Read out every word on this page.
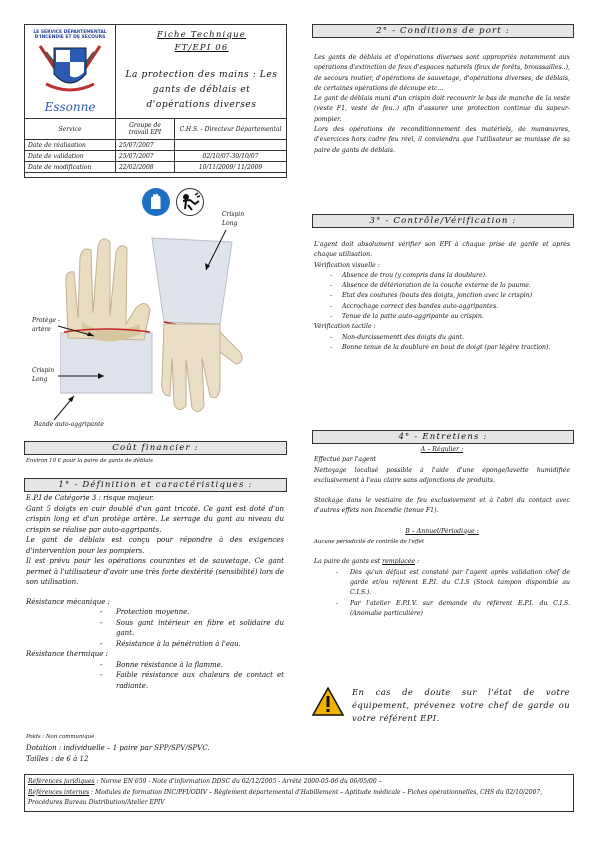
LE SERVICE DÉPARTEMENTAL
D'INCENDIE ET DE SECOURS
Essonne
Fiche Technique
FT/EPI 06
La protection des mains : Les gants de déblais et d'opérations diverses
Service	Groupe de travail EPI	C.H.S. - Directeur Départemental
Date de réalisation	25/07/2007	
Date de validation	25/07/2007	02/10/07-30/10/07
Date de modification	22/02/2008	10/11/2009/ 11/2009
Crispin Long
Protège -artère
Crispin Long
Bande auto-aggripante
Coût financier :
Environ 10 € pour la paire de gants de déblais
1° - Définition et caractéristiques :
E.P.I de Catégorie 3 : risque majeur.
Gant 5 doigts en cuir doublé d'un gant tricoté. Ce gant est doté d'un crispin long et d'un protège artère. Le serrage du gant au niveau du crispin se réalise par auto-aggripants.
Le gant de déblais est conçu pour répondre à des exigences d'intervention pour les pompiers.
Il est prévu pour les opérations courantes et de sauvetage. Ce gant permet à l'utilisateur d'avoir une très forte dextérité (sensibilité) lors de son utilisation.
Résistance mécanique :
- Protection moyenne.
- Sous gant intérieur en fibre et solidaire du gant.
- Résistance à la pénétration à l'eau.
Résistance thermique :
- Bonne résistance à la flamme.
- Faible résistance aux chaleurs de contact et radiante.
Poids : Non communiqué
Dotation : individuelle – 1 paire par SPP/SPV/SPVC.
Tailles : de 6 à 12
2° - Conditions de port :
Les gants de déblais et d'opérations diverses sont appropriés notamment aux opérations d'extinction de feux d'espaces naturels (feux de forêts, broussailles..), de secours routier, d'opérations de sauvetage, d'opérations diverses, de déblais, de certaines opérations de découpe etc...
Le gant de déblais muni d'un crispin doit recouvrir le bas de manche de la veste (veste F1, veste de feu..) afin d'assurer une protection continue du sapeur-pompier.
Lors des opérations de reconditionnement des matériels, de manœuvres, d'exercices hors cadre feu réel, il conviendra que l'utilisateur se munisse de sa paire de gants de déblais.
3° - Contrôle/Vérification :
L'agent doit absolument vérifier son EPI à chaque prise de garde et après chaque utilisation.
Vérification visuelle :
- Absence de trou (y compris dans la doublure).
- Absence de détérioration de la couche externe de la paume.
- Etat des coutures (bouts des doigts, jonction avec le crispin)
- Accrochage correct des bandes auto-aggripantes.
- Tenue de la patte auto-aggripante au crispin.
Vérification tactile :
- Non-durcissementt des doigts du gant.
- Bonne tenue de la doublure en bout de doigt (par légère traction).
4° - Entretiens :
A – Régulier :
Effectué par l'agent
Nettoyage localisé possible à l'aide d'une éponge/lavette humidifiée exclusivement à l'eau claire sans adjonctions de produits.
Stockage dans le vestiaire de feu exclusivement et à l'abri du contact avec d'autres effets non Incendie (tenue F1).
B – Annuel/Périodique :
Aucune périodicité de contrôle de l'effet
La paire de gants est remplacée :
- Dès qu'un défaut est constaté par l'agent après validation chef de garde et/ou référent E.P.I. du C.I.S (Stock tampon disponible au C.I.S.).
- Par l'atelier E.P.I.V. sur demande du référent E.P.I. du C.I.S. (Anomalie particulière)
En cas de doute sur l'état de votre équipement, prévenez votre chef de garde ou votre référent EPI.
Références juridiques : Norme EN 659 - Note d'information DDSC du 02/12/2005 - Arrêté 2000-05-06 du 06/05/00 –
Références internes : Modules de formation INC/PFI/ODIV – Règlement départemental d'Habillement – Aptitude médicale – Fiches opérationnelles, CHS du 02/10/2007, Procédures Bureau Distribution/Atelier EPIV
